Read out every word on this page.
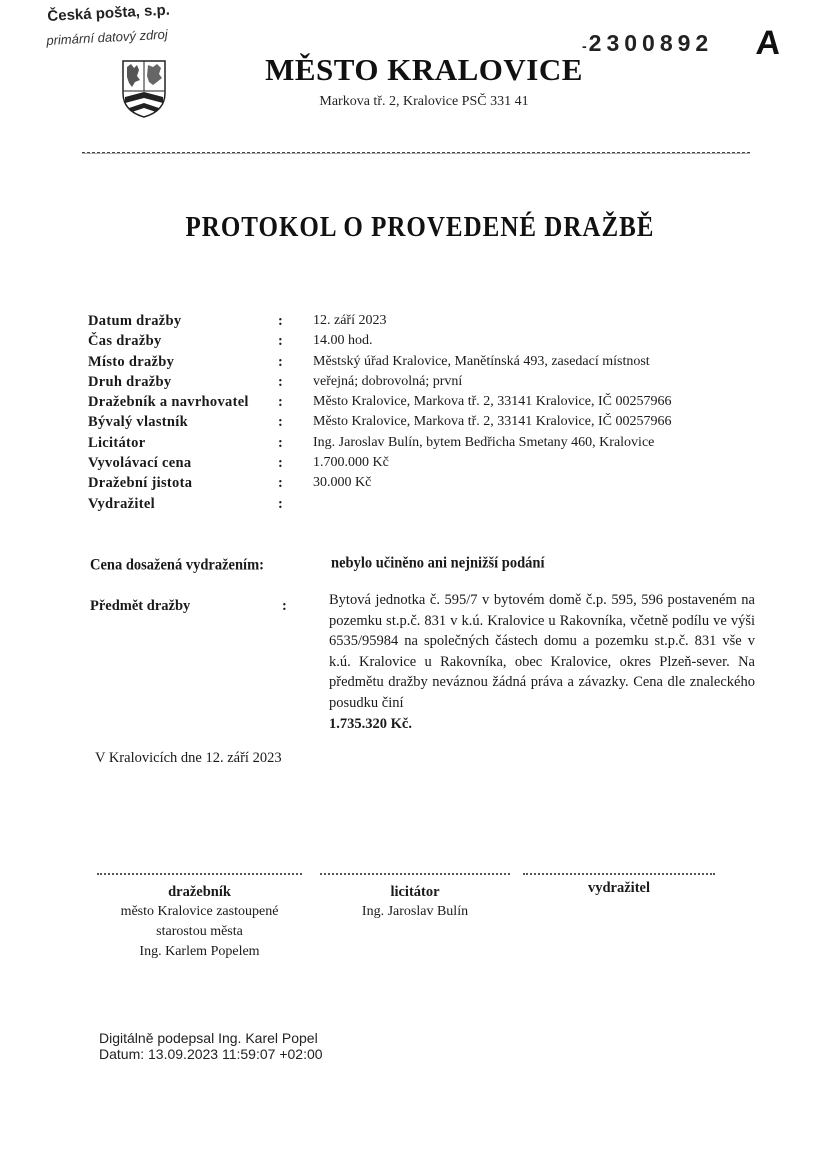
Česká pošta, s.p.
primární datový zdroj	-2300892 A
MĚSTO KRALOVICE
Markova tř. 2, Kralovice PSČ 331 41
PROTOKOL O PROVEDENÉ DRAŽBĚ
Datum dražby	: 12. září 2023
Čas dražby	: 14.00 hod.
Místo dražby	: Městský úřad Kralovice, Manětínská 493, zasedací místnost
Druh dražby	: veřejná; dobrovolná; první
Dražebník a navrhovatel : Město Kralovice, Markova tř. 2, 33141 Kralovice, IČ 00257966
Bývalý vlastník	: Město Kralovice, Markova tř. 2, 33141 Kralovice, IČ 00257966
Licitátor	: Ing. Jaroslav Bulín, bytem Bedřicha Smetany 460, Kralovice
Vyvolávací cena	: 1.700.000 Kč
Dražební jistota	: 30.000 Kč
Vydražitel	:
Cena dosažená vydražením:	nebylo učiněno ani nejnižší podání
Předmět dražby	:	Bytová jednotka č. 595/7 v bytovém domě č.p. 595, 596 postaveném na pozemku st.p.č. 831 v k.ú. Kralovice u Rakovníka, včetně podílu ve výši 6535/95984 na společných částech domu a pozemku st.p.č. 831 vše v k.ú. Kralovice u Rakovníka, obec Kralovice, okres Plzeň-sever. Na předmětu dražby neváznou žádná práva a závazky. Cena dle znaleckého posudku činí
1.735.320 Kč.
V Kralovicích dne 12. září 2023
dražebník
město Kralovice zastoupené
starostou města
Ing. Karlem Popelem
licitátor
Ing. Jaroslav Bulín
vydražitel
Digitálně podepsal Ing. Karel Popel
Datum: 13.09.2023 11:59:07 +02:00
